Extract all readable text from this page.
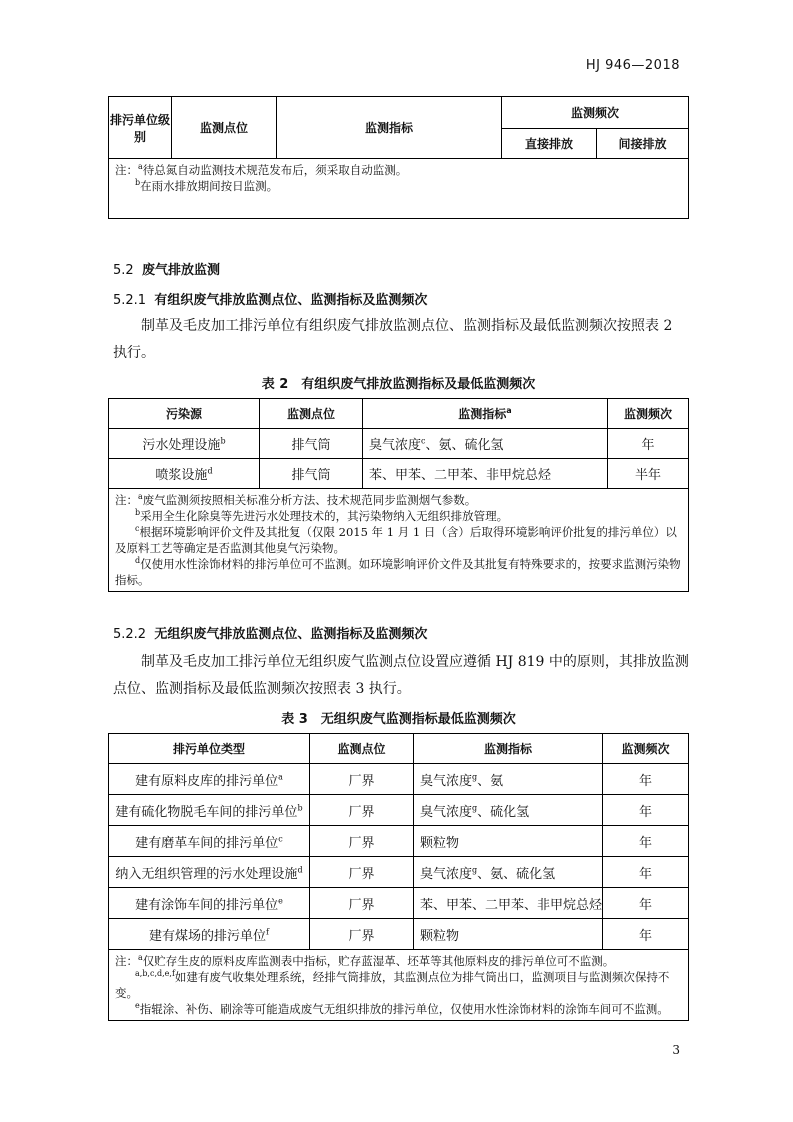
HJ 946—2018
排污单位级别	监测点位	监测指标	监测频次	
			直接排放	间接排放

注：$^a$待总氮自动监测技术规范发布后，须采取自动监测。
$^b$在雨水排放期间按日监测。				
5.2 废气排放监测
5.2.1 有组织废气排放监测点位、监测指标及监测频次
制革及毛皮加工排污单位有组织废气排放监测点位、监测指标及最低监测频次按照表 2 执行。
表 2　有组织废气排放监测指标及最低监测频次
污染源	监测点位	监测指标$^a$	监测频次
污水处理设施$^b$	排气筒	臭气浓度$^c$、氨、硫化氢	年
喷浆设施$^d$	排气筒	苯、甲苯、二甲苯、非甲烷总烃	半年

注：$^a$废气监测须按照相关标准分析方法、技术规范同步监测烟气参数。
$^b$采用全生化除臭等先进污水处理技术的，其污染物纳入无组织排放管理。
$^c$根据环境影响评价文件及其批复（仅限 2015 年 1 月 1 日（含）后取得环境影响评价批复的排污单位）以及原料工艺等确定是否监测其他臭气污染物。
$^d$仅使用水性涂饰材料的排污单位可不监测。如环境影响评价文件及其批复有特殊要求的，按要求监测污染物指标。			
5.2.2 无组织废气排放监测点位、监测指标及监测频次
制革及毛皮加工排污单位无组织废气监测点位设置应遵循 HJ 819 中的原则，其排放监测点位、监测指标及最低监测频次按照表 3 执行。
表 3　无组织废气监测指标最低监测频次
排污单位类型	监测点位	监测指标	监测频次
建有原料皮库的排污单位$^a$	厂界	臭气浓度$^g$、氨	年
建有硫化物脱毛车间的排污单位$^b$	厂界	臭气浓度$^g$、硫化氢	年
建有磨革车间的排污单位$^c$	厂界	颗粒物	年
纳入无组织管理的污水处理设施$^d$	厂界	臭气浓度$^g$、氨、硫化氢	年
建有涂饰车间的排污单位$^e$	厂界	苯、甲苯、二甲苯、非甲烷总烃	年
建有煤场的排污单位$^f$	厂界	颗粒物	年

注：$^a$仅贮存生皮的原料皮库监测表中指标，贮存蓝湿革、坯革等其他原料皮的排污单位可不监测。
$^{a,b,c,d,e,f}$如建有废气收集处理系统，经排气筒排放，其监测点位为排气筒出口，监测项目与监测频次保持不变。
$^e$指辊涂、补伤、刷涂等可能造成废气无组织排放的排污单位，仅使用水性涂饰材料的涂饰车间可不监测。			
3
